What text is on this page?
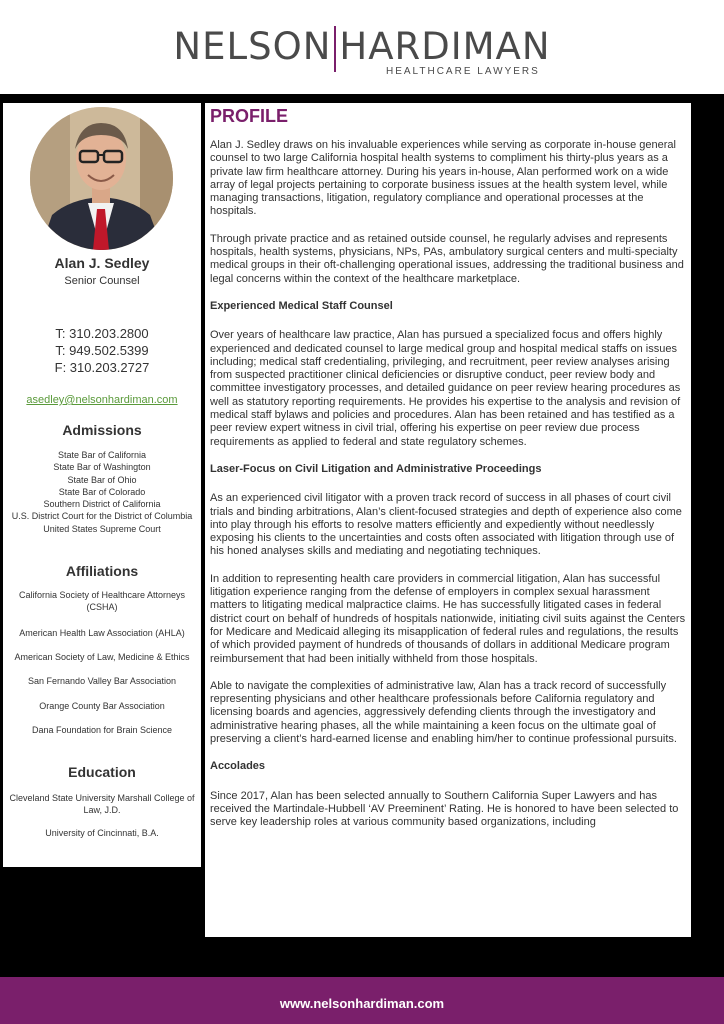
NELSON HARDIMAN
HEALTHCARE LAWYERS
Alan J. Sedley
Senior Counsel
T: 310.203.2800
T: 949.502.5399
F: 310.203.2727
asedley@nelsonhardiman.com
Admissions
State Bar of California
State Bar of Washington
State Bar of Ohio
State Bar of Colorado
Southern District of California
U.S. District Court for the District of Columbia
United States Supreme Court
Affiliations
California Society of Healthcare Attorneys (CSHA)
American Health Law Association (AHLA)
American Society of Law, Medicine & Ethics
San Fernando Valley Bar Association
Orange County Bar Association
Dana Foundation for Brain Science
Education
Cleveland State University Marshall College of Law, J.D.
University of Cincinnati, B.A.
PROFILE

Alan J. Sedley draws on his invaluable experiences while serving as corporate in-house general counsel to two large California hospital health systems to compliment his thirty-plus years as a private law firm healthcare attorney. During his years in-house, Alan performed work on a wide array of legal projects pertaining to corporate business issues at the health system level, while managing transactions, litigation, regulatory compliance and operational processes at the hospitals.

Through private practice and as retained outside counsel, he regularly advises and represents hospitals, health systems, physicians, NPs, PAs, ambulatory surgical centers and multi-specialty medical groups in their oft-challenging operational issues, addressing the traditional business and legal concerns within the context of the healthcare marketplace.

Experienced Medical Staff Counsel

Over years of healthcare law practice, Alan has pursued a specialized focus and offers highly experienced and dedicated counsel to large medical group and hospital medical staffs on issues including; medical staff credentialing, privileging, and recruitment, peer review analyses arising from suspected practitioner clinical deficiencies or disruptive conduct, peer review body and committee investigatory processes, and detailed guidance on peer review hearing procedures as well as statutory reporting requirements. He provides his expertise to the analysis and revision of medical staff bylaws and policies and procedures. Alan has been retained and has testified as a peer review expert witness in civil trial, offering his expertise on peer review due process requirements as applied to federal and state regulatory schemes.

Laser-Focus on Civil Litigation and Administrative Proceedings

As an experienced civil litigator with a proven track record of success in all phases of court civil trials and binding arbitrations, Alan’s client-focused strategies and depth of experience also come into play through his efforts to resolve matters efficiently and expediently without needlessly exposing his clients to the uncertainties and costs often associated with litigation through use of his honed analyses skills and mediating and negotiating techniques.

In addition to representing health care providers in commercial litigation, Alan has successful litigation experience ranging from the defense of employers in complex sexual harassment matters to litigating medical malpractice claims. He has successfully litigated cases in federal district court on behalf of hundreds of hospitals nationwide, initiating civil suits against the Centers for Medicare and Medicaid alleging its misapplication of federal rules and regulations, the results of which provided payment of hundreds of thousands of dollars in additional Medicare program reimbursement that had been initially withheld from those hospitals.

Able to navigate the complexities of administrative law, Alan has a track record of successfully representing physicians and other healthcare professionals before California regulatory and licensing boards and agencies, aggressively defending clients through the investigatory and administrative hearing phases, all the while maintaining a keen focus on the ultimate goal of preserving a client’s hard-earned license and enabling him/her to continue professional pursuits.

Accolades

Since 2017, Alan has been selected annually to Southern California Super Lawyers and has received the Martindale-Hubbell ‘AV Preeminent’ Rating. He is honored to have been selected to serve key leadership roles at various community based organizations, including

www.nelsonhardiman.com
